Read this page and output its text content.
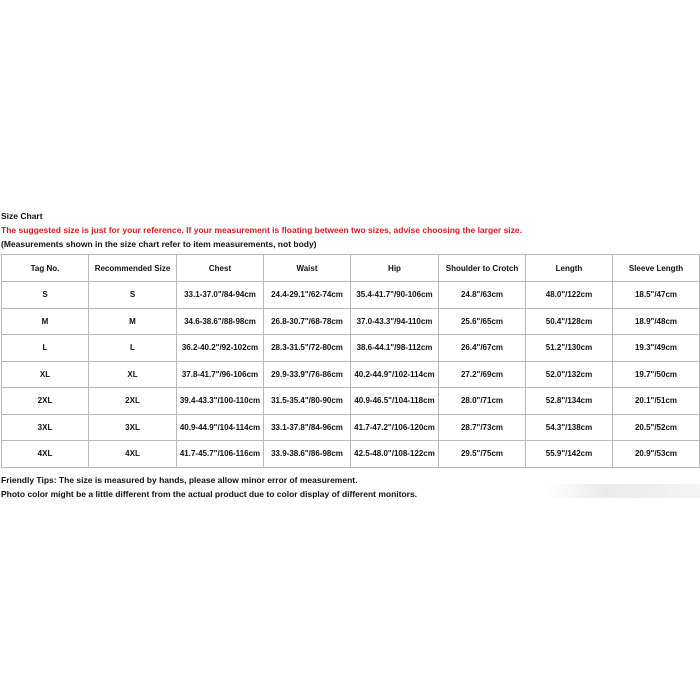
Size Chart
The suggested size is just for your reference. If your measurement is floating between two sizes, advise choosing the larger size.
(Measurements shown in the size chart refer to item measurements, not body)
Tag No.	Recommended Size	Chest	Waist	Hip	Shoulder to Crotch	Length	Sleeve Length
S	S	33.1-37.0"/84-94cm	24.4-29.1"/62-74cm	35.4-41.7"/90-106cm	24.8"/63cm	48.0"/122cm	18.5"/47cm
M	M	34.6-38.6"/88-98cm	26.8-30.7"/68-78cm	37.0-43.3"/94-110cm	25.6"/65cm	50.4"/128cm	18.9"/48cm
L	L	36.2-40.2"/92-102cm	28.3-31.5"/72-80cm	38.6-44.1"/98-112cm	26.4"/67cm	51.2"/130cm	19.3"/49cm
XL	XL	37.8-41.7"/96-106cm	29.9-33.9"/76-86cm	40.2-44.9"/102-114cm	27.2"/69cm	52.0"/132cm	19.7"/50cm
2XL	2XL	39.4-43.3"/100-110cm	31.5-35.4"/80-90cm	40.9-46.5"/104-118cm	28.0"/71cm	52.8"/134cm	20.1"/51cm
3XL	3XL	40.9-44.9"/104-114cm	33.1-37.8"/84-96cm	41.7-47.2"/106-120cm	28.7"/73cm	54.3"/138cm	20.5"/52cm
4XL	4XL	41.7-45.7"/106-116cm	33.9-38.6"/86-98cm	42.5-48.0"/108-122cm	29.5"/75cm	55.9"/142cm	20.9"/53cm
Friendly Tips: The size is measured by hands, please allow minor error of measurement.
Photo color might be a little different from the actual product due to color display of different monitors.
